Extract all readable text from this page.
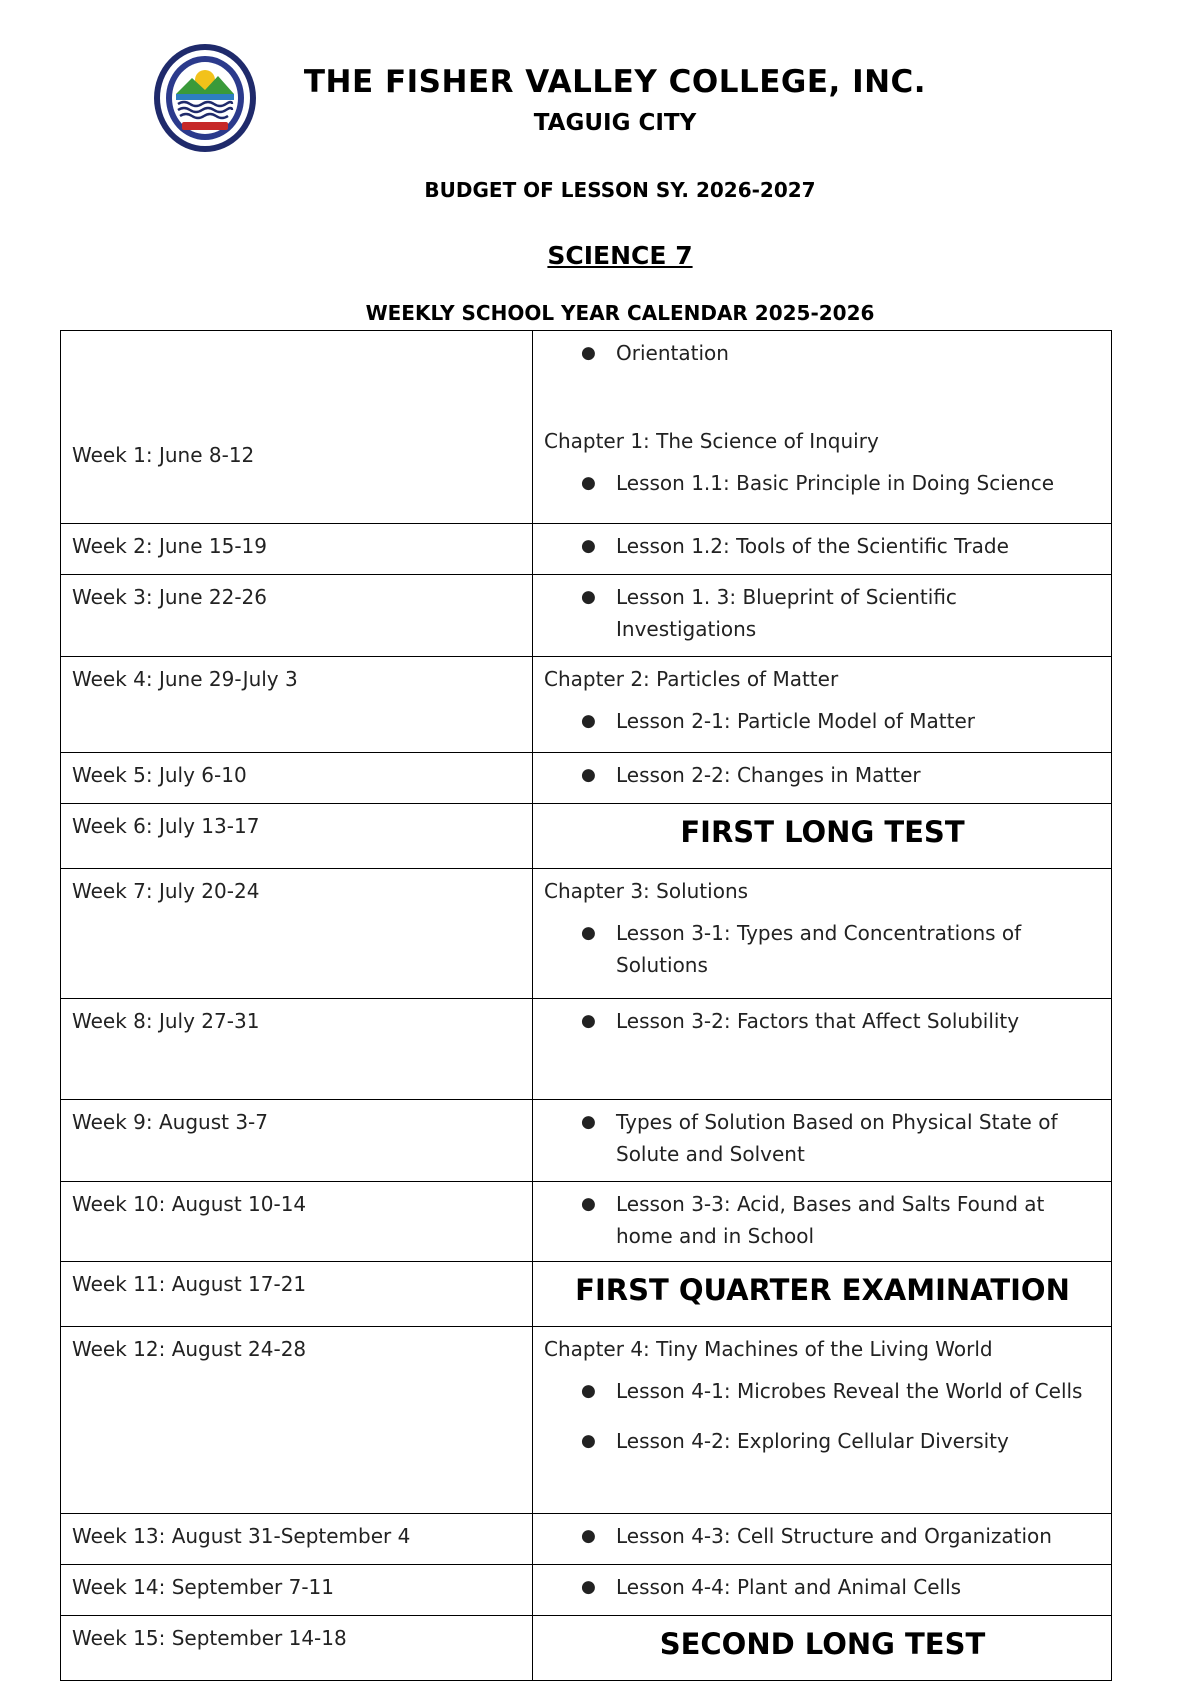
THE FISHER VALLEY COLLEGE, INC.
TAGUIG CITY
BUDGET OF LESSON SY. 2026-2027
SCIENCE 7
WEEKLY SCHOOL YEAR CALENDAR 2025-2026
Week 1: June 8-12	● Orientation
Chapter 1: The Science of Inquiry
● Lesson 1.1: Basic Principle in Doing Science

Week 2: June 15-19	● Lesson 1.2: Tools of the Scientific Trade

Week 3: June 22-26	● Lesson 1. 3: Blueprint of Scientific Investigations

Week 4: June 29-July 3	Chapter 2: Particles of Matter
● Lesson 2-1: Particle Model of Matter

Week 5: July 6-10	● Lesson 2-2: Changes in Matter

Week 6: July 13-17	FIRST LONG TEST

Week 7: July 20-24	Chapter 3: Solutions
● Lesson 3-1: Types and Concentrations of Solutions

Week 8: July 27-31	● Lesson 3-2: Factors that Affect Solubility

Week 9: August 3-7	● Types of Solution Based on Physical State of Solute and Solvent

Week 10: August 10-14	● Lesson 3-3: Acid, Bases and Salts Found at home and in School

Week 11: August 17-21	FIRST QUARTER EXAMINATION

Week 12: August 24-28	Chapter 4: Tiny Machines of the Living World
● Lesson 4-1: Microbes Reveal the World of Cells
● Lesson 4-2: Exploring Cellular Diversity

Week 13: August 31-September 4	● Lesson 4-3: Cell Structure and Organization

Week 14: September 7-11	● Lesson 4-4: Plant and Animal Cells

Week 15: September 14-18	SECOND LONG TEST
